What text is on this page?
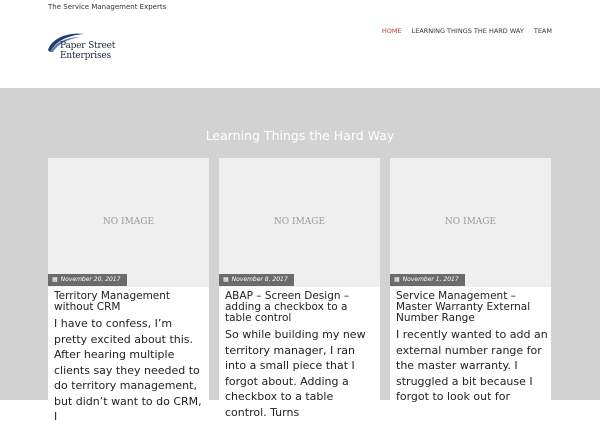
The Service Management Experts
Paper Street
Enterprises
HOME LEARNING THINGS THE HARD WAY TEAM
Learning Things the Hard Way
NO IMAGE
▦ November 20, 2017
Territory Management without CRM
I have to confess, I’m pretty excited about this. After hearing multiple clients say they needed to do territory management, but didn’t want to do CRM, I
NO IMAGE
▦ November 8, 2017
ABAP – Screen Design – adding a checkbox to a table control
So while building my new territory manager, I ran into a small piece that I forgot about. Adding a checkbox to a table control. Turns
NO IMAGE
▦ November 1, 2017
Service Management – Master Warranty External Number Range
I recently wanted to add an external number range for the master warranty. I struggled a bit because I forgot to look out for
